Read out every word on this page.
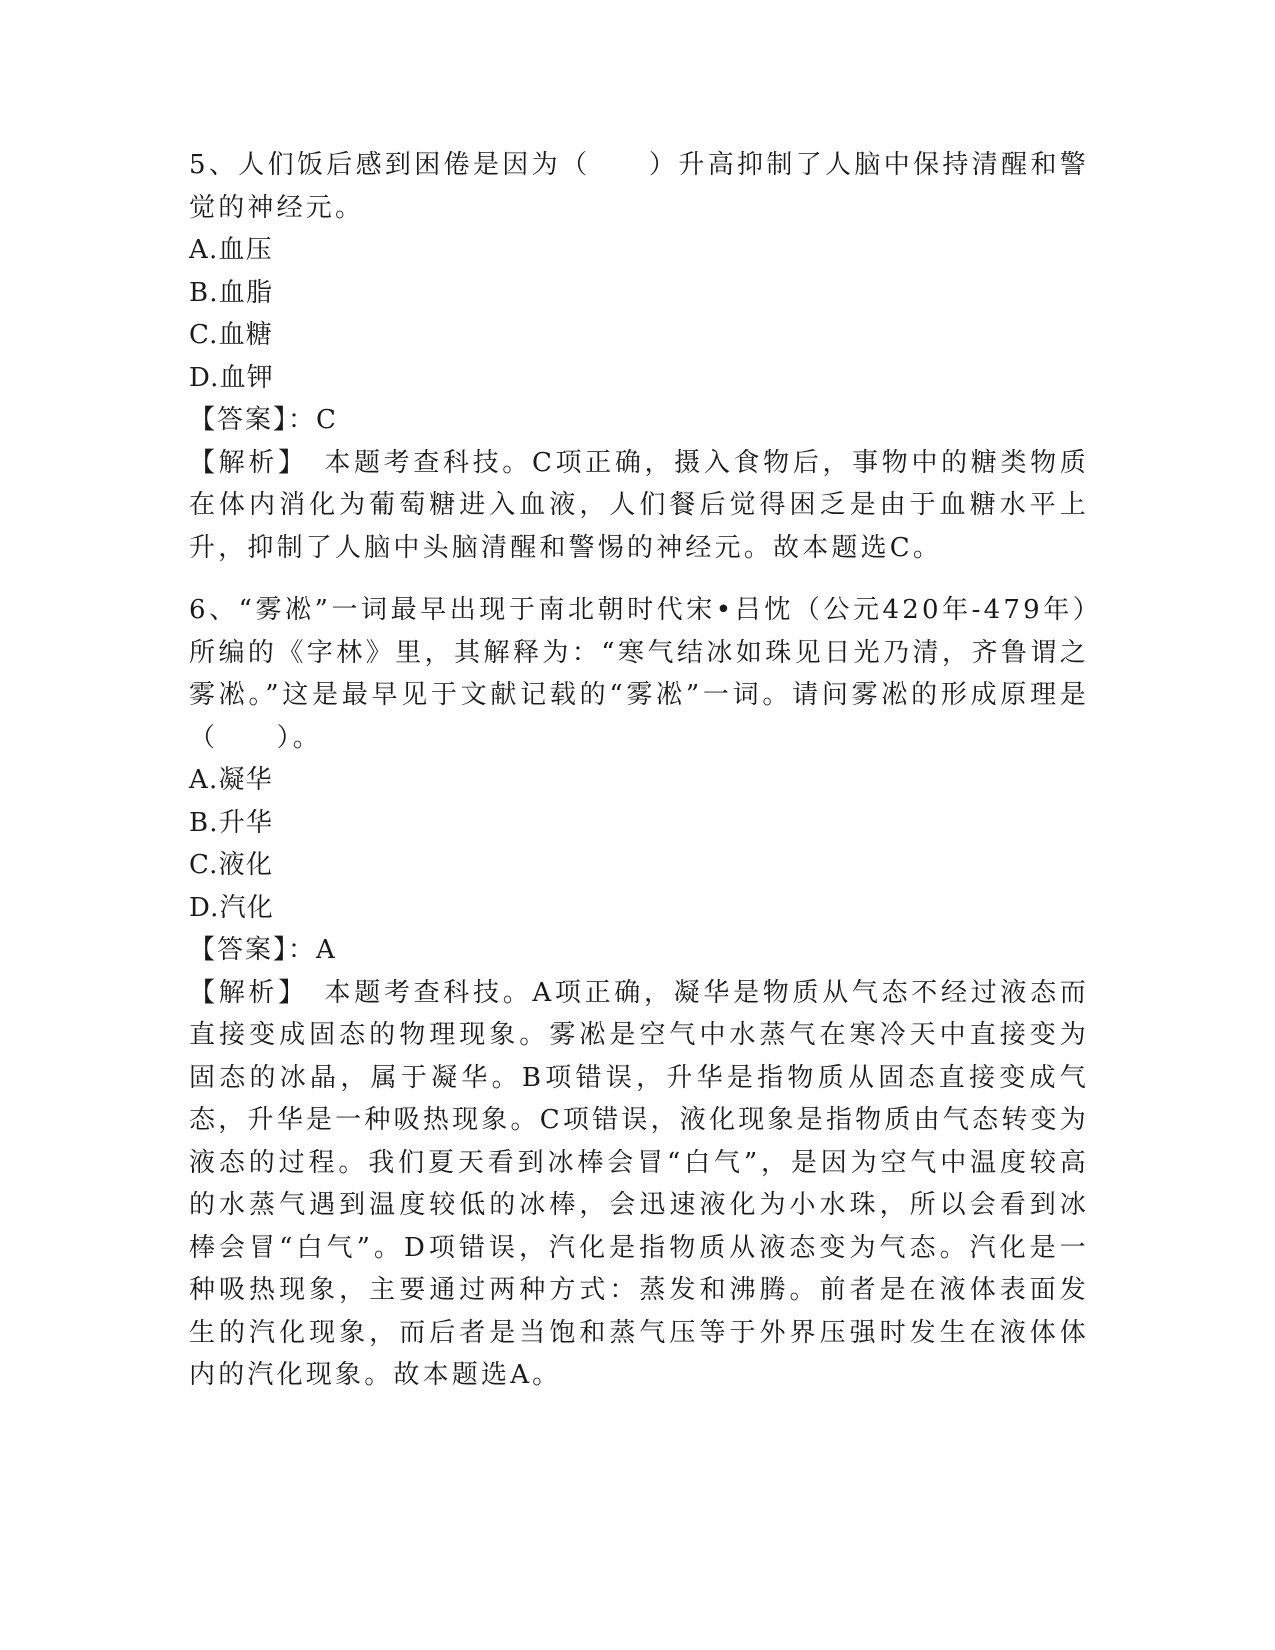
5、人们饭后感到困倦是因为（　　）升高抑制了人脑中保持清醒和警觉的神经元。

A.血压

B.血脂

C.血糖

D.血钾

【答案】：C

【解析】　本题考查科技。C项正确，摄入食物后，事物中的糖类物质在体内消化为葡萄糖进入血液，人们餐后觉得困乏是由于血糖水平上升，抑制了人脑中头脑清醒和警惕的神经元。故本题选C。

6、“雾凇”一词最早出现于南北朝时代宋•吕忱（公元420年-479年）所编的《字林》里，其解释为：“寒气结冰如珠见日光乃清，齐鲁谓之雾凇。”这是最早见于文献记载的“雾凇”一词。请问雾凇的形成原理是（　　）。

A.凝华

B.升华

C.液化

D.汽化

【答案】：A

【解析】　本题考查科技。A项正确，凝华是物质从气态不经过液态而直接变成固态的物理现象。雾凇是空气中水蒸气在寒冷天中直接变为固态的冰晶，属于凝华。B项错误，升华是指物质从固态直接变成气态，升华是一种吸热现象。C项错误，液化现象是指物质由气态转变为液态的过程。我们夏天看到冰棒会冒“白气”，是因为空气中温度较高的水蒸气遇到温度较低的冰棒，会迅速液化为小水珠，所以会看到冰棒会冒“白气”。D项错误，汽化是指物质从液态变为气态。汽化是一种吸热现象，主要通过两种方式：蒸发和沸腾。前者是在液体表面发生的汽化现象，而后者是当饱和蒸气压等于外界压强时发生在液体体内的汽化现象。故本题选A。
